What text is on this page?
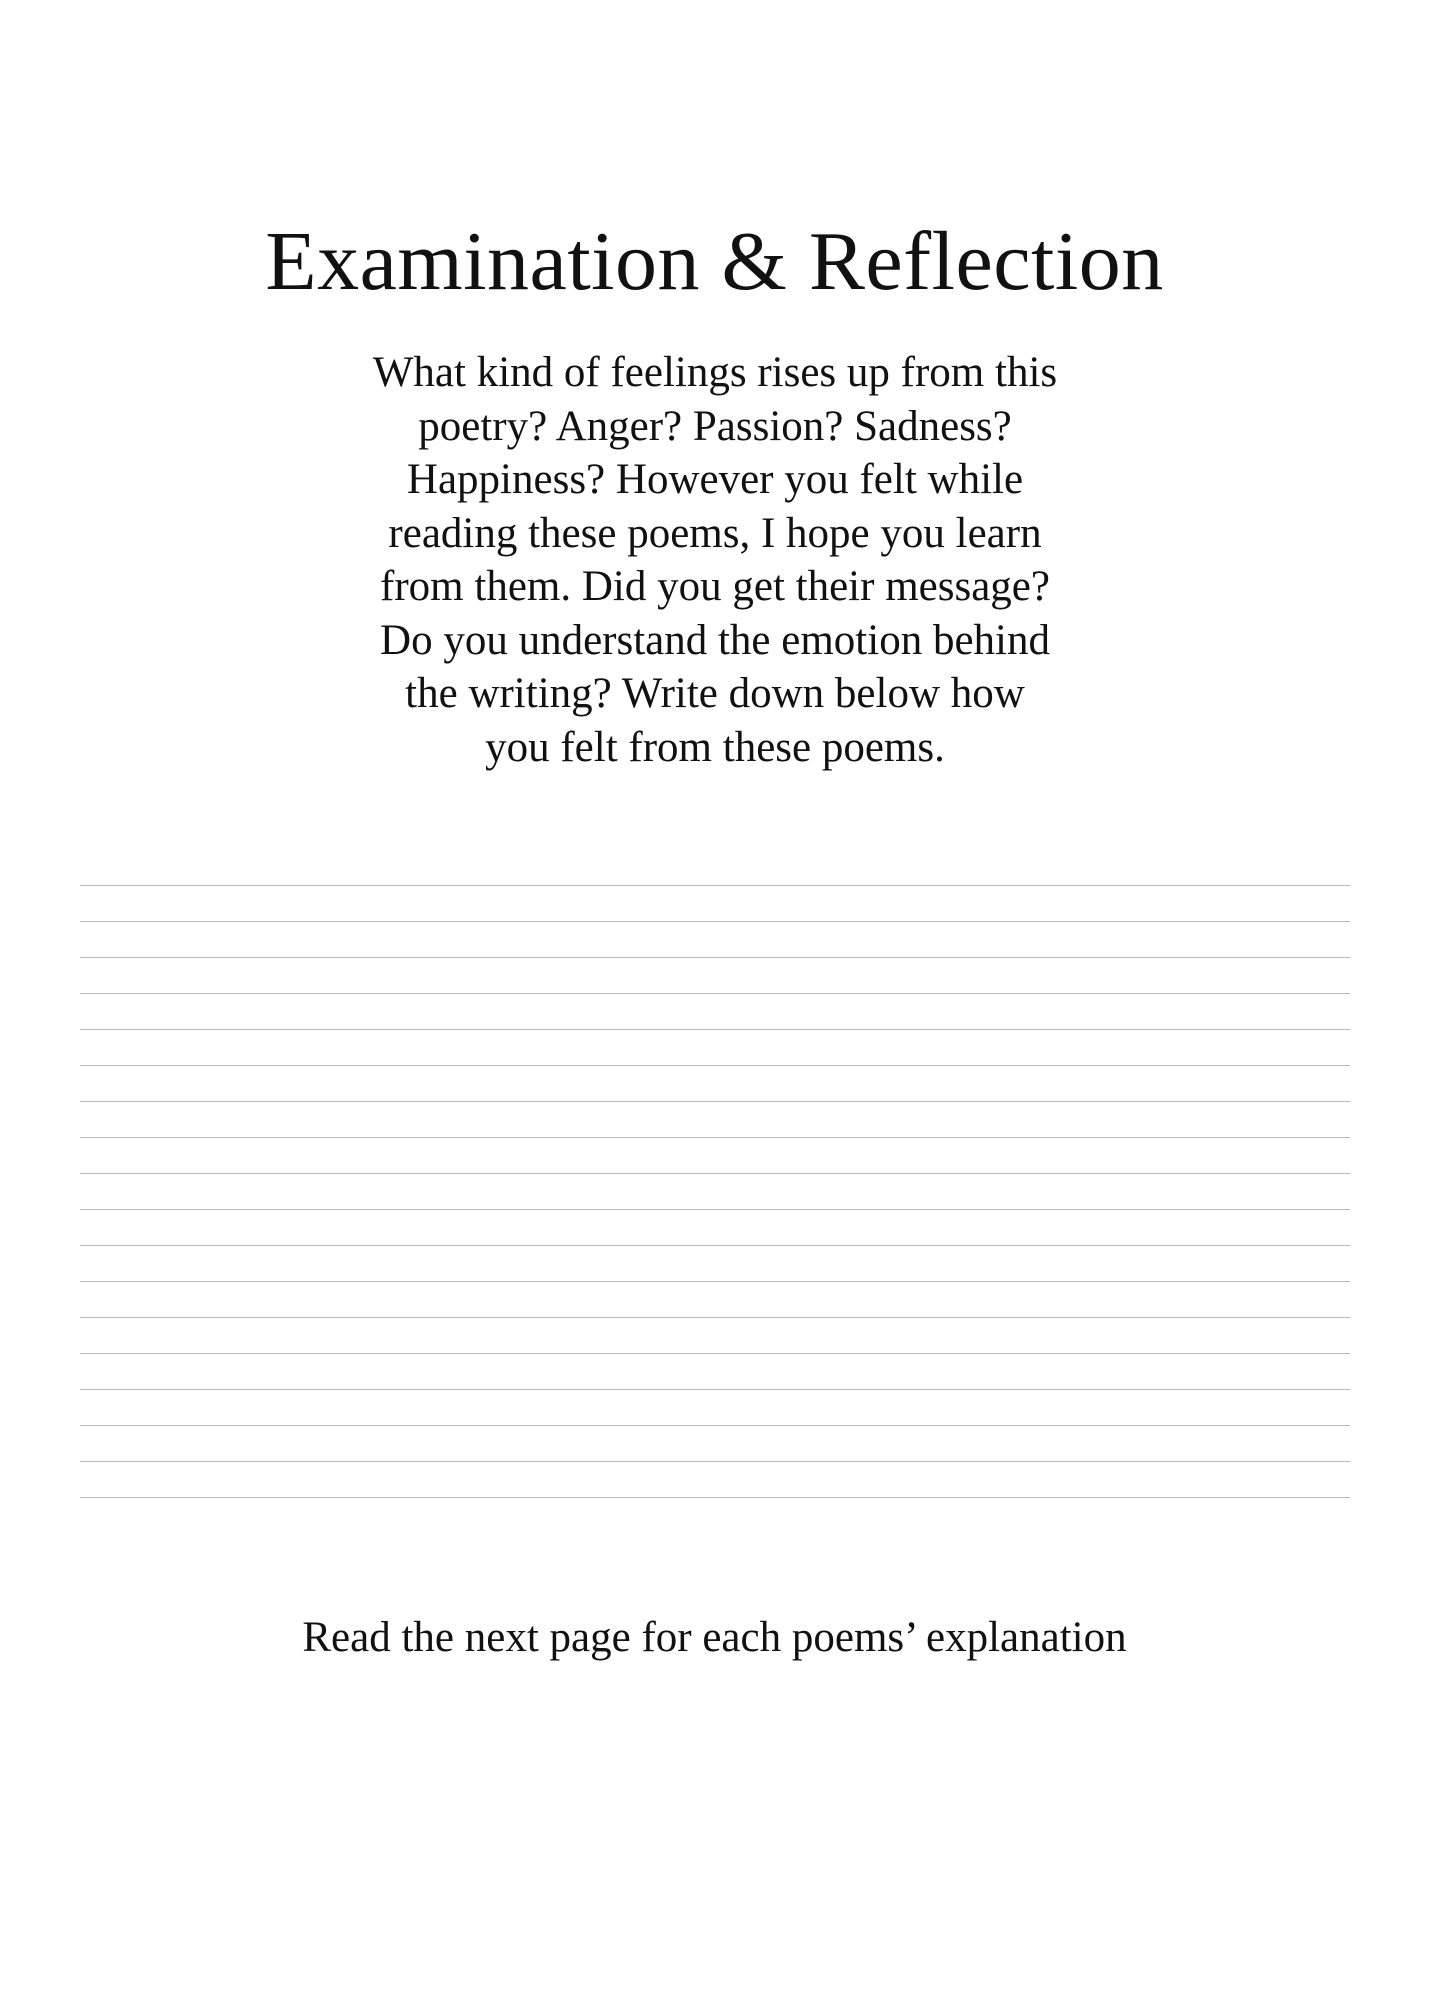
Examination & Reflection

What kind of feelings rises up from this
poetry? Anger? Passion? Sadness?
Happiness? However you felt while
reading these poems, I hope you learn
from them. Did you get their message?
Do you understand the emotion behind
the writing? Write down below how
you felt from these poems.

Read the next page for each poems’ explanation
